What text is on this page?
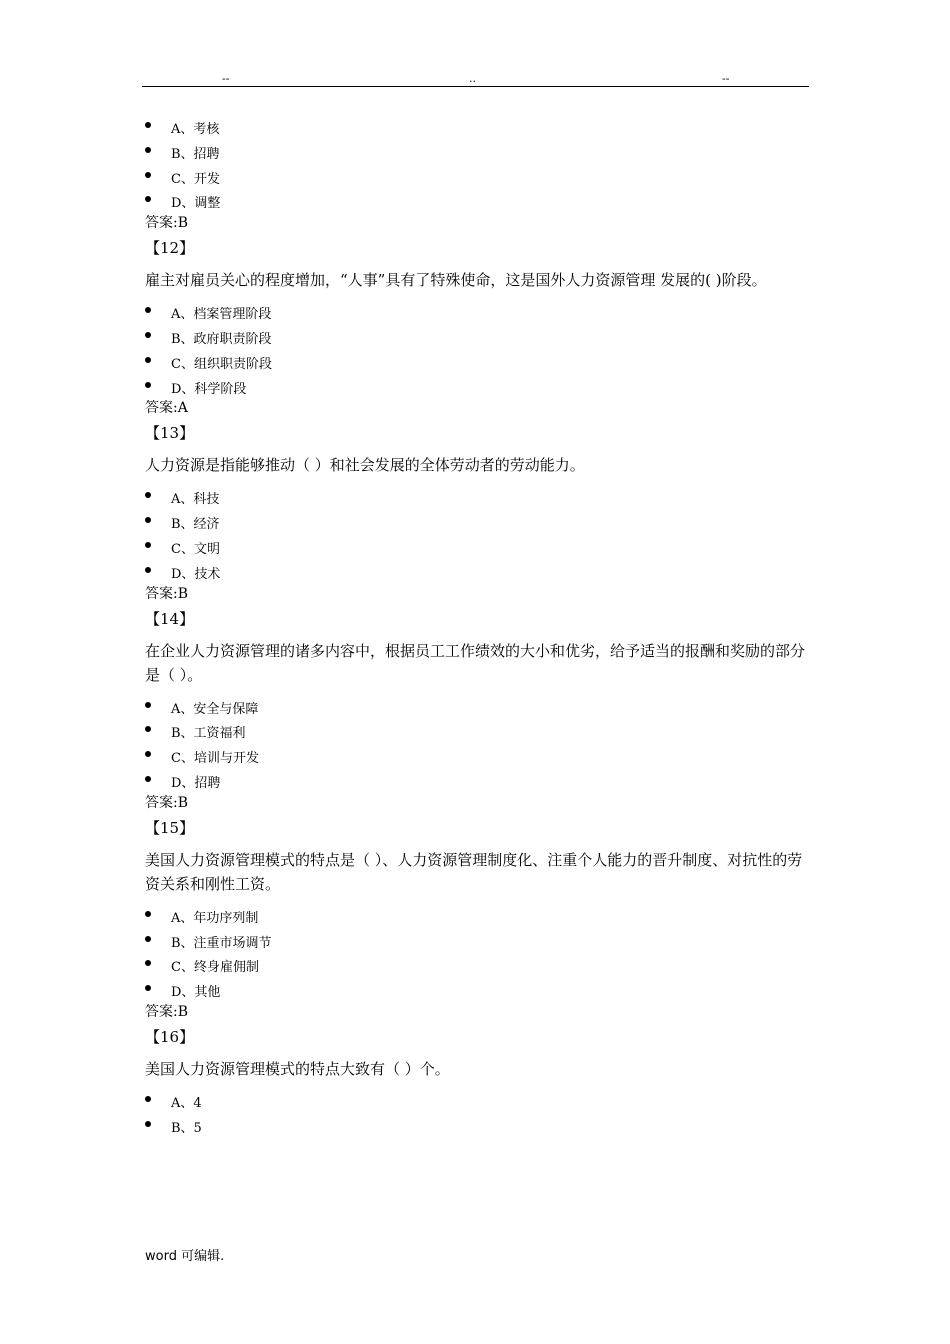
--	..	--
A、考核
B、招聘
C、开发
D、调整
答案:B
【12】
雇主对雇员关心的程度增加，“人事”具有了特殊使命，这是国外人力资源管理 发展的( )阶段。
A、档案管理阶段
B、政府职责阶段
C、组织职责阶段
D、科学阶段
答案:A
【13】
人力资源是指能够推动（ ）和社会发展的全体劳动者的劳动能力。
A、科技
B、经济
C、文明
D、技术
答案:B
【14】
在企业人力资源管理的诸多内容中，根据员工工作绩效的大小和优劣，给予适当的报酬和奖励的部分是（ ）。
A、安全与保障
B、工资福利
C、培训与开发
D、招聘
答案:B
【15】
美国人力资源管理模式的特点是（ ）、人力资源管理制度化、注重个人能力的晋升制度、对抗性的劳资关系和刚性工资。
A、年功序列制
B、注重市场调节
C、终身雇佣制
D、其他
答案:B
【16】
美国人力资源管理模式的特点大致有（ ）个。
A、4
B、5
word 可编辑.
